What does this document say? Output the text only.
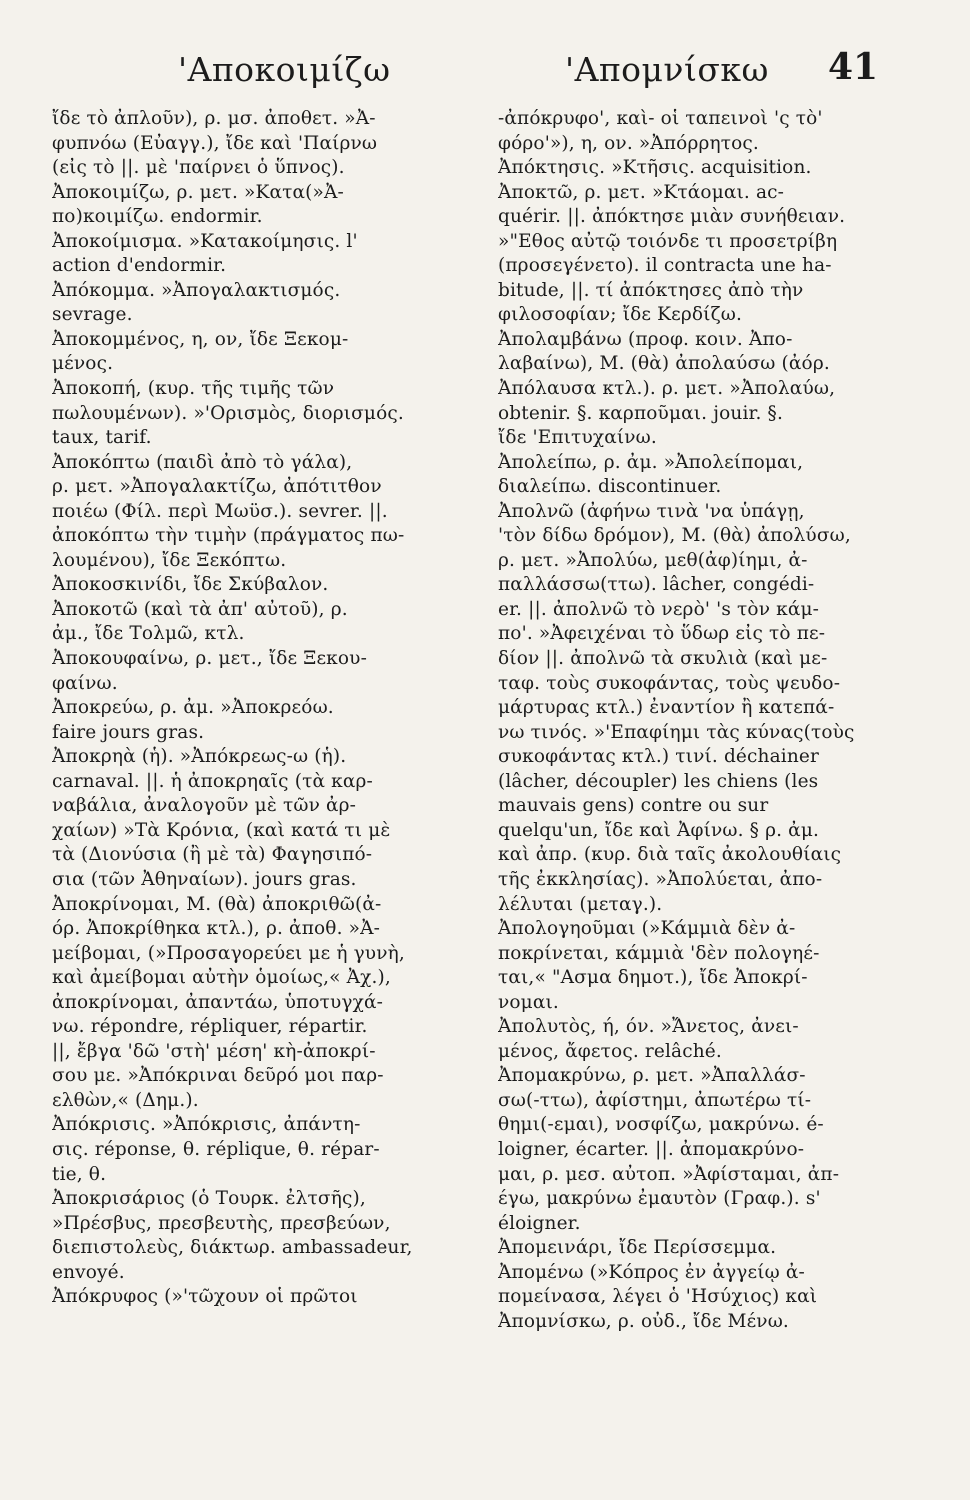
'Αποκοιμίζω	'Απομνίσκω 41
ἴδε τὸ ἀπλοῦν), ρ. μσ. ἀποθετ. »Ἀ-
φυπνόω (Εὐαγγ.), ἴδε καὶ 'Παίρνω
(εἰς τὸ ||. μὲ 'παίρνει ὁ ὕπνος).
Ἀποκοιμίζω, ρ. μετ. »Κατα(»Ἀ-
πο)κοιμίζω. endormir.
Ἀποκοίμισμα. »Κατακοίμησις. l'
action d'endormir.
Ἀπόκομμα. »Ἀπογαλακτισμός.
sevrage.
Ἀποκομμένος, η, ον, ἴδε Ξεκομ-
μένος.
Ἀποκοπή, (κυρ. τῆς τιμῆς τῶν
πωλουμένων). »'Ορισμὸς, διορισμός.
taux, tarif.
Ἀποκόπτω (παιδὶ ἀπὸ τὸ γάλα),
ρ. μετ. »Ἀπογαλακτίζω, ἀπότιτθον
ποιέω (Φίλ. περὶ Μωϋσ.). sevrer. ||.
ἀποκόπτω τὴν τιμὴν (πράγματος πω-
λουμένου), ἴδε Ξεκόπτω.
Ἀποκοσκινίδι, ἴδε Σκύβαλον.
Ἀποκοτῶ (καὶ τὰ ἀπ' αὐτοῦ), ρ.
ἀμ., ἴδε Τολμῶ, κτλ.
Ἀποκουφαίνω, ρ. μετ., ἴδε Ξεκου-
φαίνω.
Ἀποκρεύω, ρ. ἀμ. »Ἀποκρεόω.
faire jours gras.
Ἀποκρηὰ (ἡ). »Ἀπόκρεως-ω (ἡ).
carnaval. ||. ἡ ἀποκρηαῖς (τὰ καρ-
ναβάλια, ἀναλογοῦν μὲ τῶν ἀρ-
χαίων) »Τὰ Κρόνια, (καὶ κατά τι μὲ
τὰ (Διονύσια (ἢ μὲ τὰ) Φαγησιπό-
σια (τῶν Ἀθηναίων). jours gras.
Ἀποκρίνομαι, Μ. (θὰ) ἀποκριθῶ(ἀ-
όρ. Ἀποκρίθηκα κτλ.), ρ. ἀποθ. »Ἀ-
μείβομαι, (»Προσαγορεύει με ἡ γυνὴ,
καὶ ἀμείβομαι αὐτὴν ὁμοίως,« Ἀχ.),
ἀποκρίνομαι, ἀπαντάω, ὑποτυγχά-
νω. répondre, répliquer, répartir.
||, ἔβγα 'δῶ 'στὴ' μέση' κὴ-ἀποκρί-
σου με. »Ἀπόκριναι δεῦρό μοι παρ-
ελθὼν,« (Δημ.).
Ἀπόκρισις. »Ἀπόκρισις, ἀπάντη-
σις. réponse, θ. réplique, θ. répar-
tie, θ.
Ἀποκρισάριος (ὁ Τουρκ. ἐλτσῆς),
»Πρέσβυς, πρεσβευτὴς, πρεσβεύων,
διεπιστολεὺς, διάκτωρ. ambassadeur,
envoyé.
Ἀπόκρυφος (»'τῶχουν οἱ πρῶτοι
-ἀπόκρυφο', καὶ- οἱ ταπεινοὶ 'ς τὸ'
φόρο'»), η, ον. »Ἀπόρρητος.
Ἀπόκτησις. »Κτῆσις. acquisition.
Ἀποκτῶ, ρ. μετ. »Κτάομαι. ac-
quérir. ||. ἀπόκτησε μιὰν συνήθειαν.
»"Εθος αὐτῷ τοιόνδε τι προσετρίβη
(προσεγένετο). il contracta une ha-
bitude, ||. τί ἀπόκτησες ἀπὸ τὴν
φιλοσοφίαν; ἴδε Κερδίζω.
Ἀπολαμβάνω (προφ. κοιν. Ἀπο-
λαβαίνω), Μ. (θὰ) ἀπολαύσω (ἀόρ.
Ἀπόλαυσα κτλ.). ρ. μετ. »Ἀπολαύω,
obtenir. §. καρποῦμαι. jouir. §.
ἴδε 'Επιτυχαίνω.
Ἀπολείπω, ρ. ἀμ. »Ἀπολείπομαι,
διαλείπω. discontinuer.
Ἀπολνῶ (ἀφήνω τινὰ 'να ὑπάγῃ,
'τὸν δίδω δρόμον), Μ. (θὰ) ἀπολύσω,
ρ. μετ. »Ἀπολύω, μεθ(ἀφ)ίημι, ἀ-
παλλάσσω(ττω). lâcher, congédi-
er. ||. ἀπολνῶ τὸ νερὸ' 's τὸν κάμ-
πο'. »Ἀφειχέναι τὸ ὕδωρ εἰς τὸ πε-
δίον ||. ἀπολνῶ τὰ σκυλιὰ (καὶ με-
ταφ. τοὺς συκοφάντας, τοὺς ψευδο-
μάρτυρας κτλ.) ἐναντίον ἢ κατεπά-
νω τινός. »'Επαφίημι τὰς κύνας(τοὺς
συκοφάντας κτλ.) τινί. déchainer
(lâcher, découpler) les chiens (les
mauvais gens) contre ou sur
quelqu'un, ἴδε καὶ Ἀφίνω. § ρ. ἀμ.
καὶ ἀπρ. (κυρ. διὰ ταῖς ἀκολουθίαις
τῆς ἐκκλησίας). »Ἀπολύεται, ἀπο-
λέλυται (μεταγ.).
Ἀπολογηοῦμαι (»Κάμμιὰ δὲν ἀ-
ποκρίνεται, κάμμιὰ 'δὲν πολογηέ-
ται,« "Ασμα δημοτ.), ἴδε Ἀποκρί-
νομαι.
Ἀπολυτὸς, ή, όν. »Ἄνετος, ἀνει-
μένος, ἄφετος. relâché.
Ἀπομακρύνω, ρ. μετ. »Ἀπαλλάσ-
σω(-ττω), ἀφίστημι, ἀπωτέρω τί-
θημι(-εμαι), νοσφίζω, μακρύνω. é-
loigner, écarter. ||. ἀπομακρύνο-
μαι, ρ. μεσ. αὐτοπ. »Ἀφίσταμαι, ἀπ-
έγω, μακρύνω ἐμαυτὸν (Γραφ.). s'
éloigner.
Ἀπομεινάρι, ἴδε Περίσσεμμα.
Ἀπομένω (»Κόπρος ἐν ἀγγείῳ ἀ-
πομείνασα, λέγει ὁ 'Ησύχιος) καὶ
Ἀπομνίσκω, ρ. οὐδ., ἴδε Μένω.
